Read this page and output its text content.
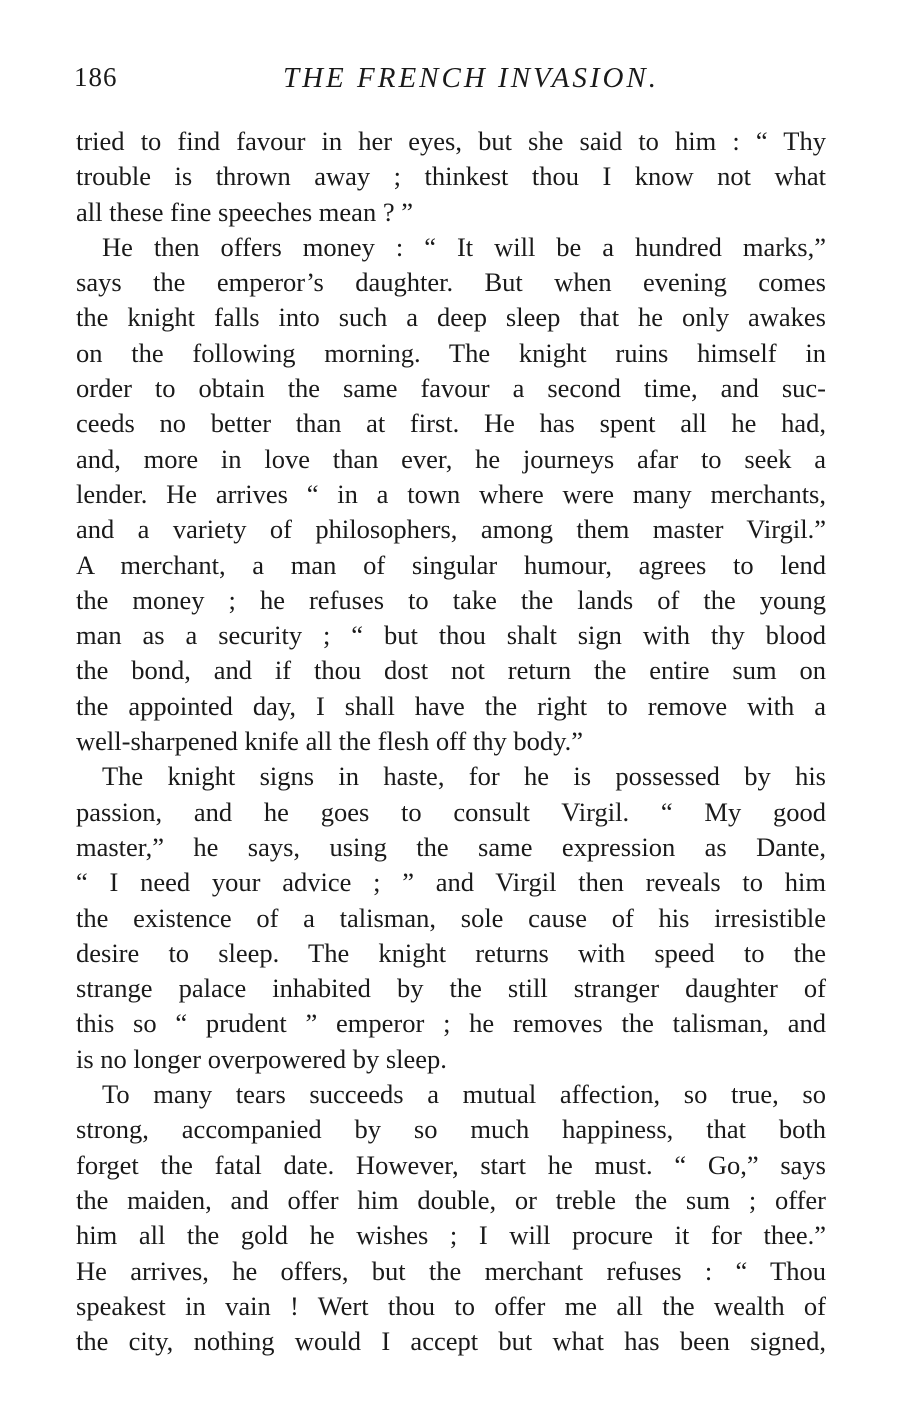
186	THE FRENCH INVASION.
tried to find favour in her eyes, but she said to him : “ Thy
trouble is thrown away ; thinkest thou I know not what
all these fine speeches mean ? ”
He then offers money : “ It will be a hundred marks,”
says the emperor’s daughter. But when evening comes
the knight falls into such a deep sleep that he only awakes
on the following morning. The knight ruins himself in
order to obtain the same favour a second time, and suc-
ceeds no better than at first. He has spent all he had,
and, more in love than ever, he journeys afar to seek a
lender. He arrives “ in a town where were many merchants,
and a variety of philosophers, among them master Virgil.”
A merchant, a man of singular humour, agrees to lend
the money ; he refuses to take the lands of the young
man as a security ; “ but thou shalt sign with thy blood
the bond, and if thou dost not return the entire sum on
the appointed day, I shall have the right to remove with a
well-sharpened knife all the flesh off thy body.”
The knight signs in haste, for he is possessed by his
passion, and he goes to consult Virgil. “ My good
master,” he says, using the same expression as Dante,
“ I need your advice ; ” and Virgil then reveals to him
the existence of a talisman, sole cause of his irresistible
desire to sleep. The knight returns with speed to the
strange palace inhabited by the still stranger daughter of
this so “ prudent ” emperor ; he removes the talisman, and
is no longer overpowered by sleep.
To many tears succeeds a mutual affection, so true, so
strong, accompanied by so much happiness, that both
forget the fatal date. However, start he must. “ Go,” says
the maiden, and offer him double, or treble the sum ; offer
him all the gold he wishes ; I will procure it for thee.”
He arrives, he offers, but the merchant refuses : “ Thou
speakest in vain ! Wert thou to offer me all the wealth of
the city, nothing would I accept but what has been signed,
